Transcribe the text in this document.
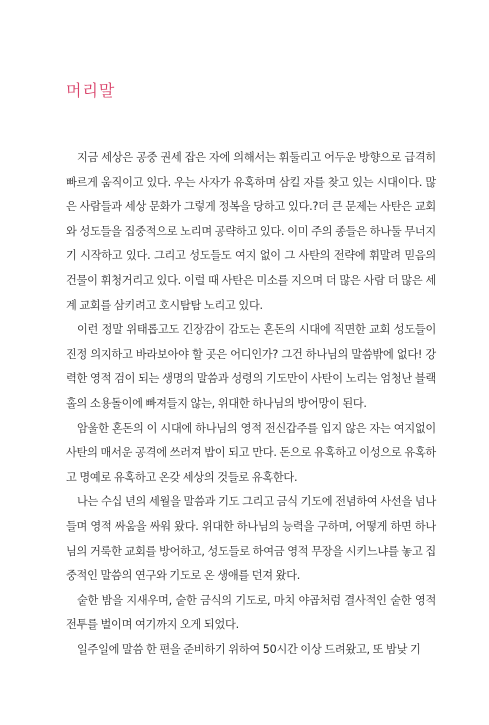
머리말

지금 세상은 공중 권세 잡은 자에 의해서는 휘둘리고 어두운 방향으로 급격히 빠르게 움직이고 있다. 우는 사자가 유혹하며 삼킬 자를 찾고 있는 시대이다. 많은 사람들과 세상 문화가 그렇게 정복을 당하고 있다.?더 큰 문제는 사탄은 교회와 성도들을 집중적으로 노리며 공략하고 있다. 이미 주의 종들은 하나둘 무너지기 시작하고 있다. 그리고 성도들도 여지 없이 그 사탄의 전략에 휘말려 믿음의 건물이 휘청거리고 있다. 이럴 때 사탄은 미소를 지으며 더 많은 사람 더 많은 세계 교회를 삼키려고 호시탐탐 노리고 있다.

이런 정말 위태롭고도 긴장감이 감도는 혼돈의 시대에 직면한 교회 성도들이 진정 의지하고 바라보아야 할 곳은 어디인가? 그건 하나님의 말씀밖에 없다! 강력한 영적 검이 되는 생명의 말씀과 성령의 기도만이 사탄이 노리는 엄청난 블랙홀의 소용돌이에 빠져들지 않는, 위대한 하나님의 방어망이 된다.

암울한 혼돈의 이 시대에 하나님의 영적 전신갑주를 입지 않은 자는 여지없이 사탄의 매서운 공격에 쓰러져 밥이 되고 만다. 돈으로 유혹하고 이성으로 유혹하고 명예로 유혹하고 온갖 세상의 것들로 유혹한다.

나는 수십 년의 세월을 말씀과 기도 그리고 금식 기도에 전념하여 사선을 넘나들며 영적 싸움을 싸워 왔다. 위대한 하나님의 능력을 구하며, 어떻게 하면 하나님의 거룩한 교회를 방어하고, 성도들로 하여금 영적 무장을 시키느냐를 놓고 집중적인 말씀의 연구와 기도로 온 생애를 던져 왔다.

숱한 밤을 지새우며, 숱한 금식의 기도로, 마치 야곱처럼 결사적인 숱한 영적 전투를 벌이며 여기까지 오게 되었다.

일주일에 말씀 한 편을 준비하기 위하여 50시간 이상 드려왔고, 또 밤낮 기
